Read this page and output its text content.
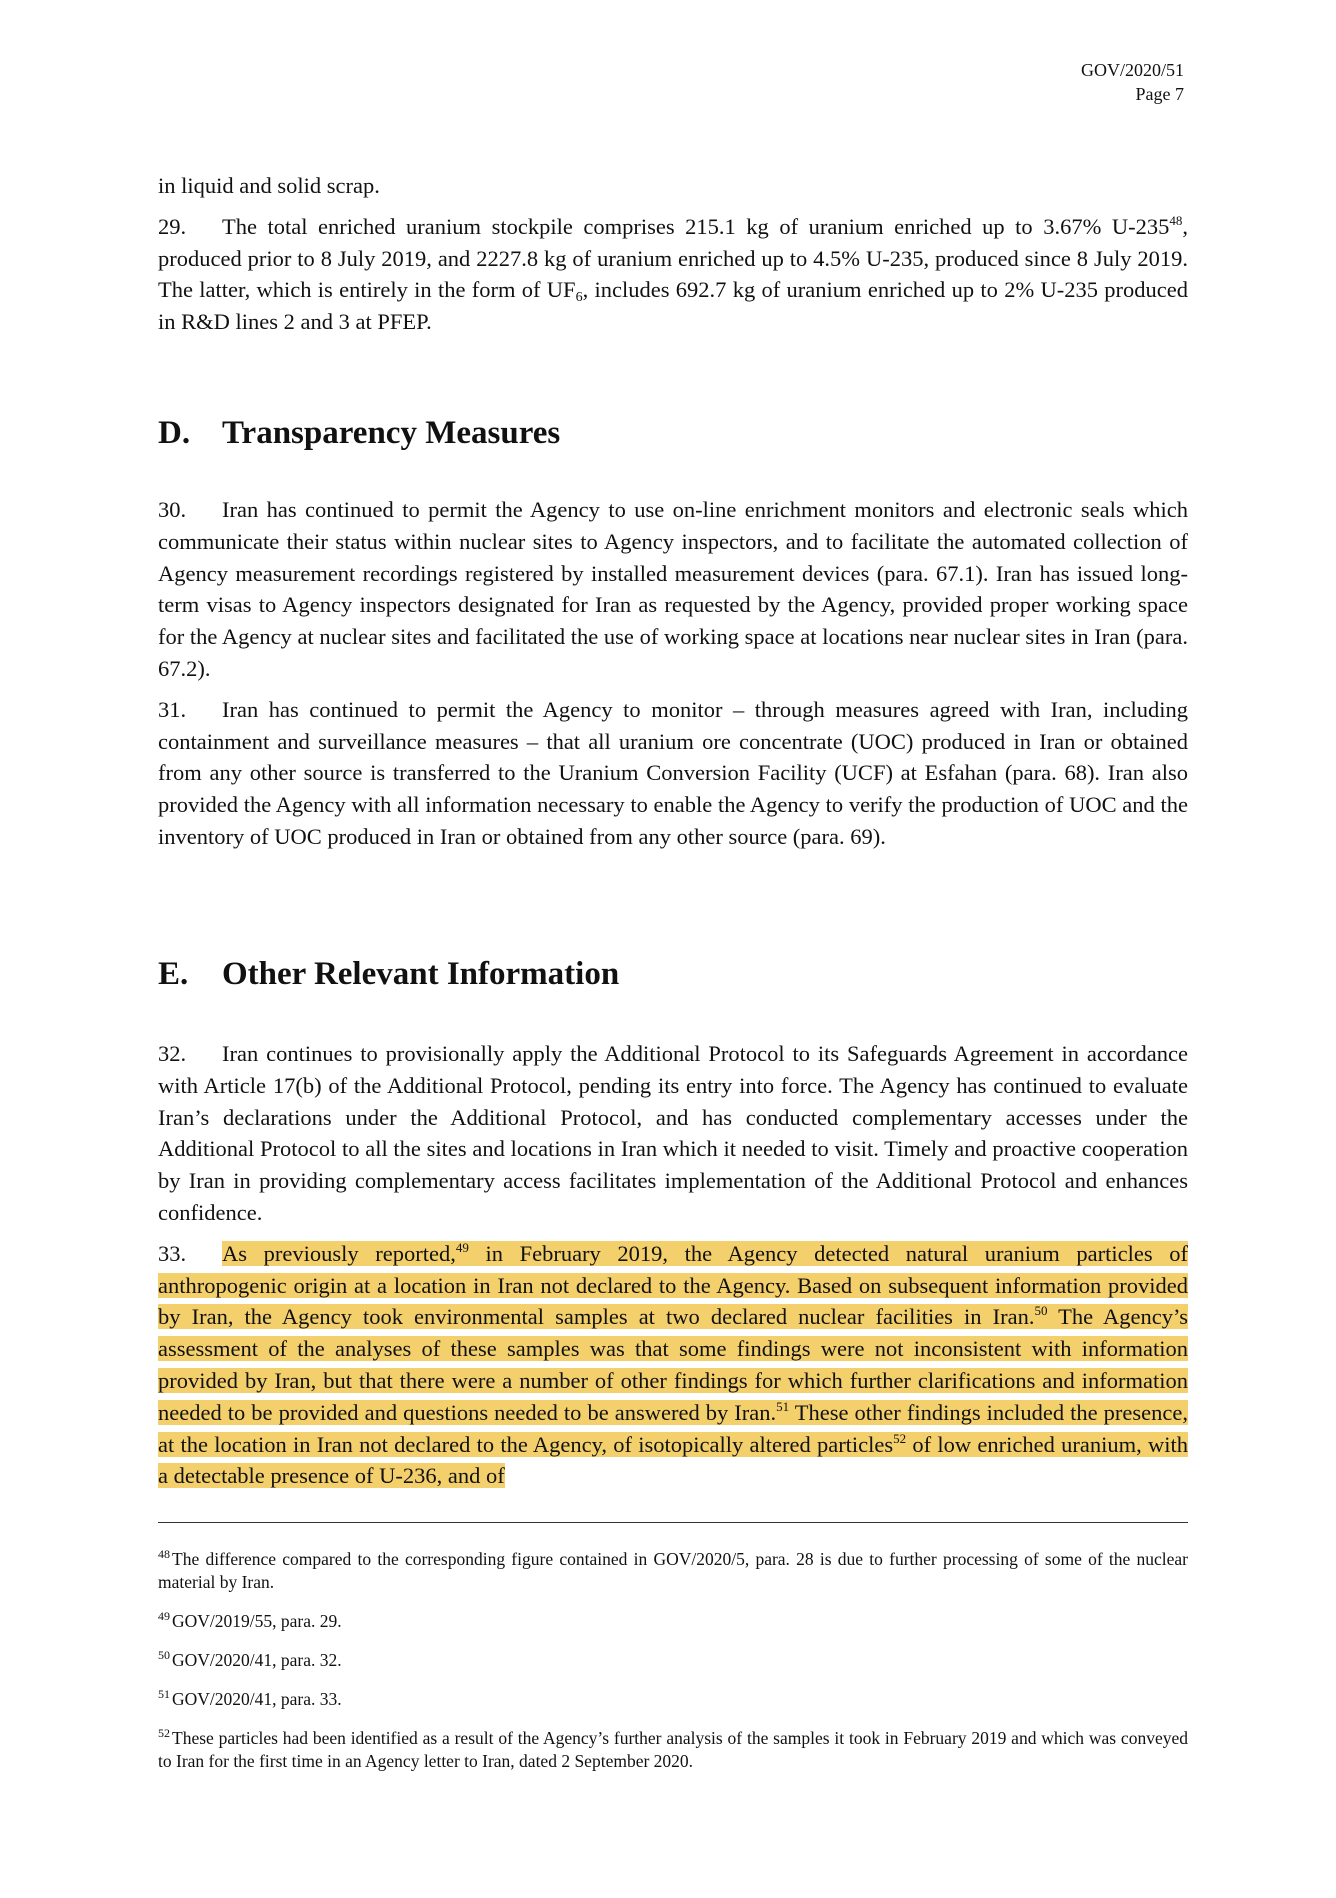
GOV/2020/51
Page 7

in liquid and solid scrap.

29. The total enriched uranium stockpile comprises 215.1 kg of uranium enriched up to 3.67% $U-235^{48}$, produced prior to 8 July 2019, and 2227.8 kg of uranium enriched up to 4.5% U-235, produced since 8 July 2019. The latter, which is entirely in the form of $UF_6$, includes 692.7 kg of uranium enriched up to 2% U-235 produced in R&D lines 2 and 3 at PFEP.

D. Transparency Measures

30. Iran has continued to permit the Agency to use on-line enrichment monitors and electronic seals which communicate their status within nuclear sites to Agency inspectors, and to facilitate the automated collection of Agency measurement recordings registered by installed measurement devices (para. 67.1). Iran has issued long-term visas to Agency inspectors designated for Iran as requested by the Agency, provided proper working space for the Agency at nuclear sites and facilitated the use of working space at locations near nuclear sites in Iran (para. 67.2).

31. Iran has continued to permit the Agency to monitor – through measures agreed with Iran, including containment and surveillance measures – that all uranium ore concentrate (UOC) produced in Iran or obtained from any other source is transferred to the Uranium Conversion Facility (UCF) at Esfahan (para. 68). Iran also provided the Agency with all information necessary to enable the Agency to verify the production of UOC and the inventory of UOC produced in Iran or obtained from any other source (para. 69).

E. Other Relevant Information

32. Iran continues to provisionally apply the Additional Protocol to its Safeguards Agreement in accordance with Article 17(b) of the Additional Protocol, pending its entry into force. The Agency has continued to evaluate Iran’s declarations under the Additional Protocol, and has conducted complementary accesses under the Additional Protocol to all the sites and locations in Iran which it needed to visit. Timely and proactive cooperation by Iran in providing complementary access facilitates implementation of the Additional Protocol and enhances confidence.

33. As previously reported,$^{49}$ in February 2019, the Agency detected natural uranium particles of anthropogenic origin at a location in Iran not declared to the Agency. Based on subsequent information provided by Iran, the Agency took environmental samples at two declared nuclear facilities in Iran.$^{50}$ The Agency’s assessment of the analyses of these samples was that some findings were not inconsistent with information provided by Iran, but that there were a number of other findings for which further clarifications and information needed to be provided and questions needed to be answered by Iran.$^{51}$ These other findings included the presence, at the location in Iran not declared to the Agency, of isotopically altered particles$^{52}$ of low enriched uranium, with a detectable presence of U-236, and of

$^{48}$ The difference compared to the corresponding figure contained in GOV/2020/5, para. 28 is due to further processing of some of the nuclear material by Iran.

$^{49}$ GOV/2019/55, para. 29.

$^{50}$ GOV/2020/41, para. 32.

$^{51}$ GOV/2020/41, para. 33.

$^{52}$ These particles had been identified as a result of the Agency’s further analysis of the samples it took in February 2019 and which was conveyed to Iran for the first time in an Agency letter to Iran, dated 2 September 2020.
